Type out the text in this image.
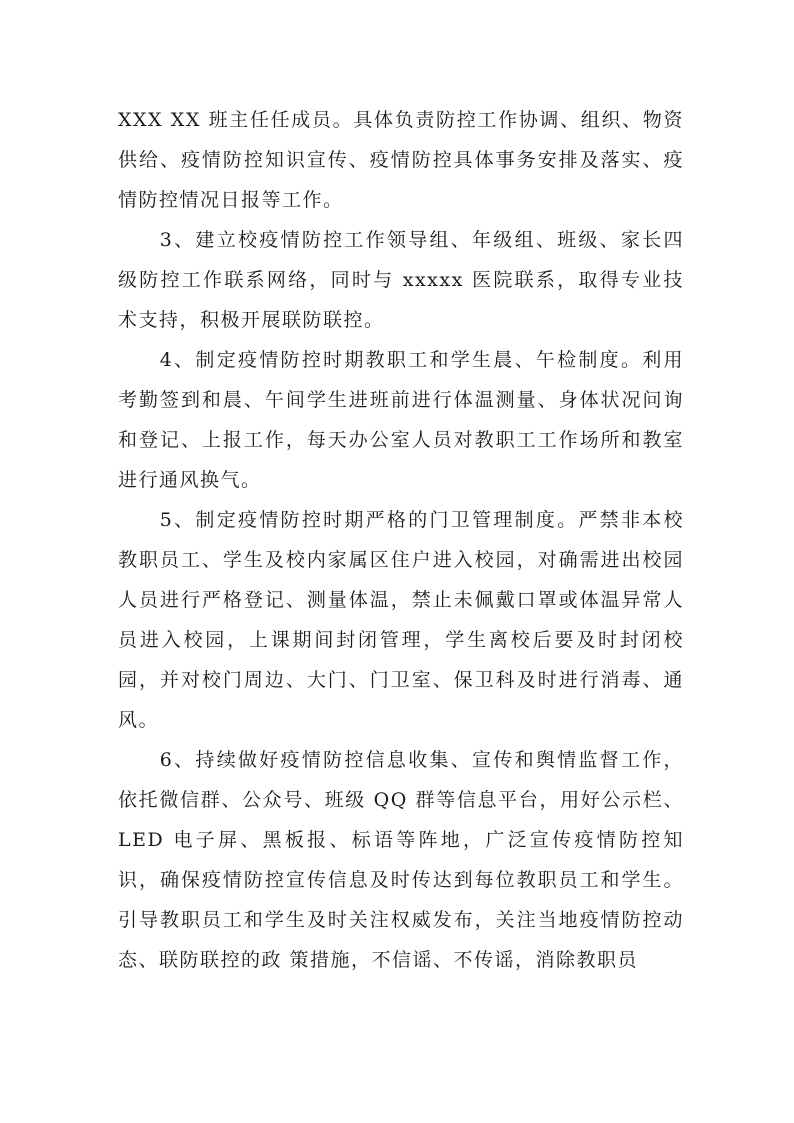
XXX XX 班主任任成员。具体负责防控工作协调、组织、物资供给、疫情防控知识宣传、疫情防控具体事务安排及落实、疫情防控情况日报等工作。

3、建立校疫情防控工作领导组、年级组、班级、家长四级防控工作联系网络，同时与 xxxxx 医院联系，取得专业技术支持，积极开展联防联控。

4、制定疫情防控时期教职工和学生晨、午检制度。利用考勤签到和晨、午间学生进班前进行体温测量、身体状况问询和登记、上报工作，每天办公室人员对教职工工作场所和教室进行通风换气。

5、制定疫情防控时期严格的门卫管理制度。严禁非本校教职员工、学生及校内家属区住户进入校园，对确需进出校园人员进行严格登记、测量体温，禁止未佩戴口罩或体温异常人员进入校园，上课期间封闭管理，学生离校后要及时封闭校园，并对校门周边、大门、门卫室、保卫科及时进行消毒、通风。

6、持续做好疫情防控信息收集、宣传和舆情监督工作，依托微信群、公众号、班级 QQ 群等信息平台，用好公示栏、LED 电子屏、黑板报、标语等阵地，广泛宣传疫情防控知识，确保疫情防控宣传信息及时传达到每位教职员工和学生。引导教职员工和学生及时关注权威发布，关注当地疫情防控动态、联防联控的政 策措施，不信谣、不传谣，消除教职员
